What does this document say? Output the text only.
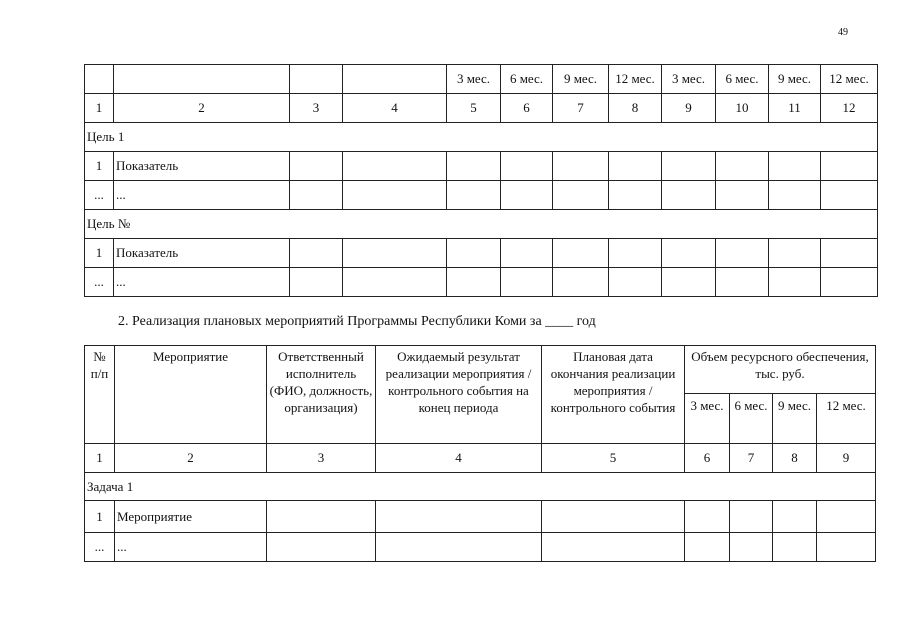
49
				3 мес.	6 мес.	9 мес.	12 мес.	3 мес.	6 мес.	9 мес.	12 мес.
1	2	3	4	5	6	7	8	9	10	11	12
Цель 1											
1	Показатель										
...	...										
Цель №											
1	Показатель										
...	...										
2. Реализация плановых мероприятий Программы Республики Коми за ____ год
№ п/п	Мероприятие	Ответственный исполнитель (ФИО, должность, организация)	Ожидаемый результат реализации мероприятия / контрольного события на конец периода	Плановая дата окончания реализации мероприятия / контрольного события	Объем ресурсного обеспечения, тыс. руб.			
					3 мес.	6 мес.	9 мес.	12 мес.
1	2	3	4	5	6	7	8	9
Задача 1								
1	Мероприятие							
...	...							
